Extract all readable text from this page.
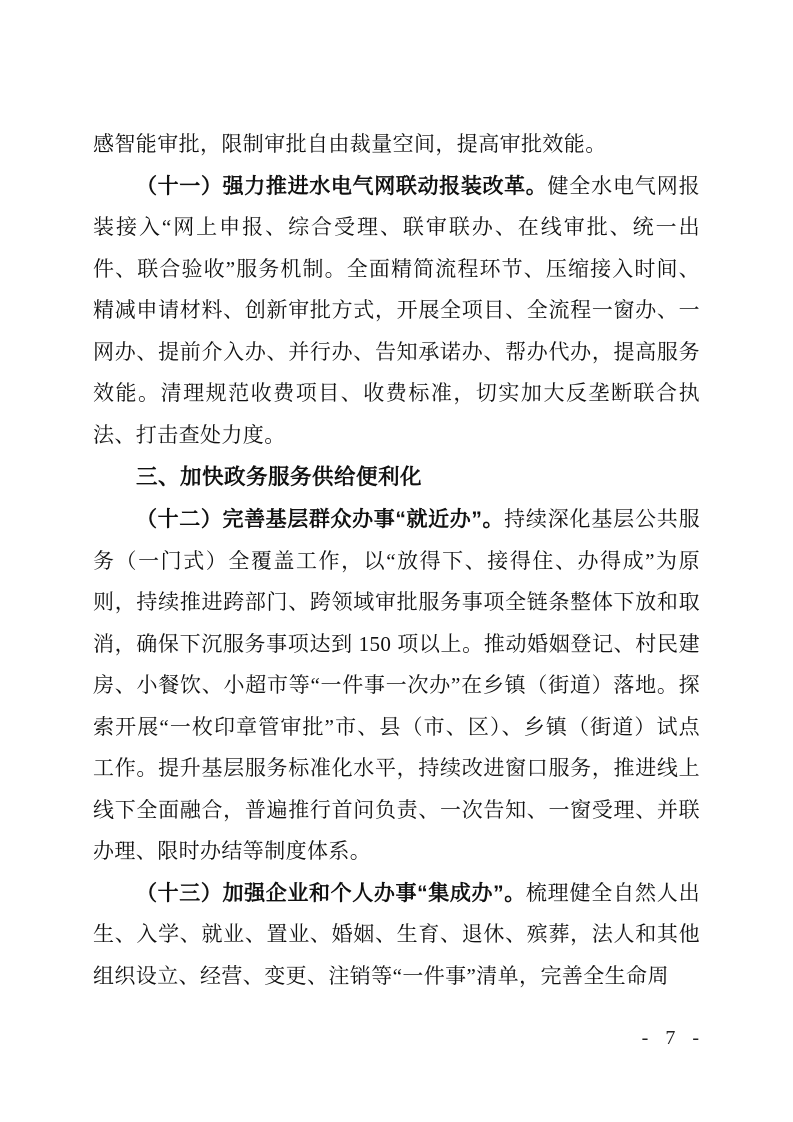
感智能审批，限制审批自由裁量空间，提高审批效能。

（十一）强力推进水电气网联动报装改革。健全水电气网报装接入“网上申报、综合受理、联审联办、在线审批、统一出件、联合验收”服务机制。全面精简流程环节、压缩接入时间、精减申请材料、创新审批方式，开展全项目、全流程一窗办、一网办、提前介入办、并行办、告知承诺办、帮办代办，提高服务效能。清理规范收费项目、收费标准，切实加大反垄断联合执法、打击查处力度。

三、加快政务服务供给便利化

（十二）完善基层群众办事“就近办”。持续深化基层公共服务（一门式）全覆盖工作，以“放得下、接得住、办得成”为原则，持续推进跨部门、跨领域审批服务事项全链条整体下放和取消，确保下沉服务事项达到 150 项以上。推动婚姻登记、村民建房、小餐饮、小超市等“一件事一次办”在乡镇（街道）落地。探索开展“一枚印章管审批”市、县（市、区）、乡镇（街道）试点工作。提升基层服务标准化水平，持续改进窗口服务，推进线上线下全面融合，普遍推行首问负责、一次告知、一窗受理、并联办理、限时办结等制度体系。

（十三）加强企业和个人办事“集成办”。梳理健全自然人出生、入学、就业、置业、婚姻、生育、退休、殡葬，法人和其他组织设立、经营、变更、注销等“一件事”清单，完善全生命周

- 7 -
